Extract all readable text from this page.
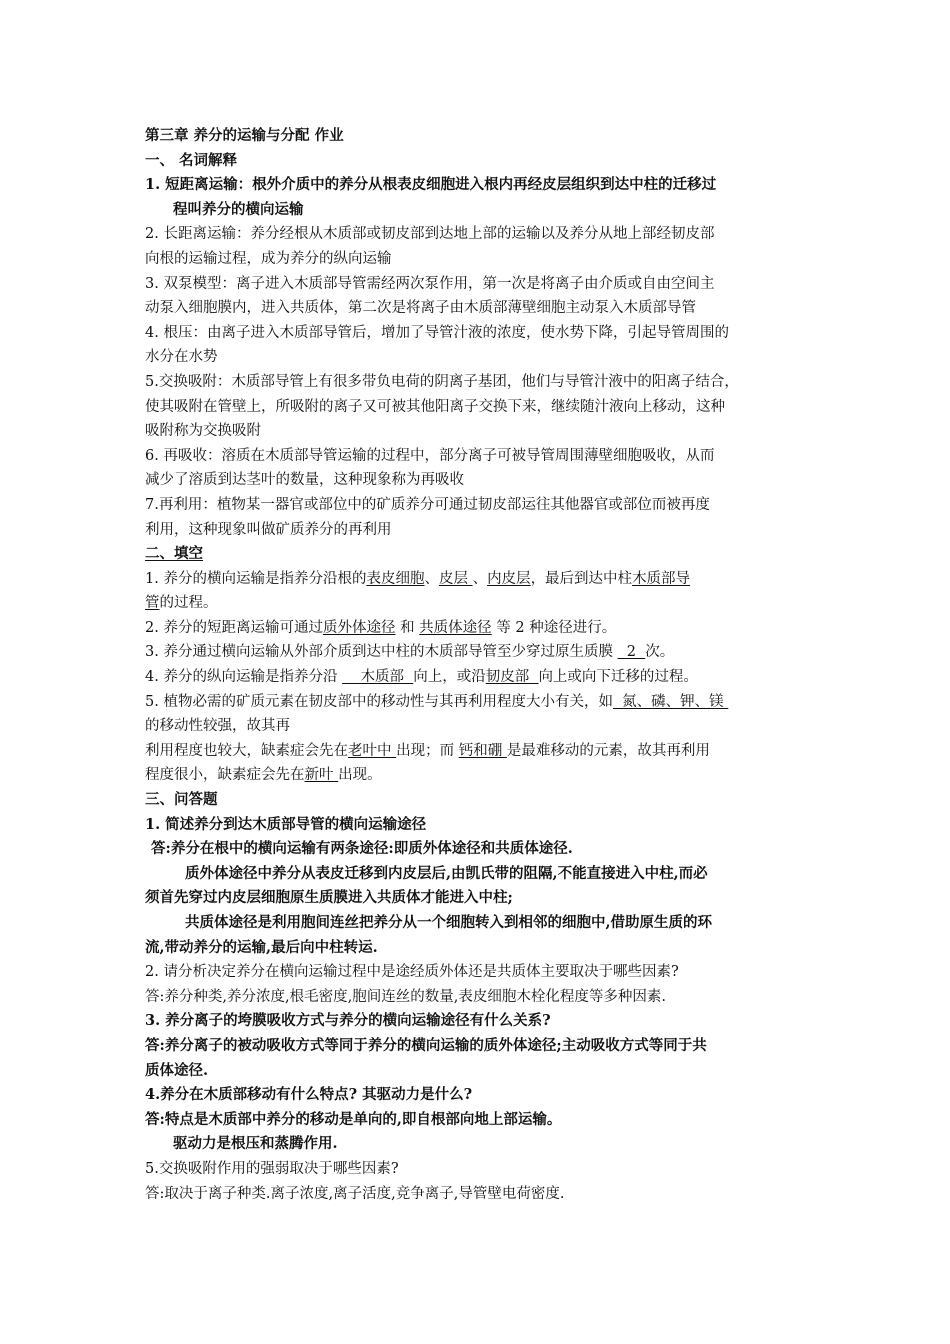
第三章 养分的运输与分配 作业
一、 名词解释
1. 短距离运输：根外介质中的养分从根表皮细胞进入根内再经皮层组织到达中柱的迁移过
程叫养分的横向运输
2. 长距离运输：养分经根从木质部或韧皮部到达地上部的运输以及养分从地上部经韧皮部
向根的运输过程，成为养分的纵向运输
3. 双泵模型：离子进入木质部导管需经两次泵作用，第一次是将离子由介质或自由空间主
动泵入细胞膜内，进入共质体，第二次是将离子由木质部薄壁细胞主动泵入木质部导管
4. 根压：由离子进入木质部导管后，增加了导管汁液的浓度，使水势下降，引起导管周围的
水分在水势
5.交换吸附：木质部导管上有很多带负电荷的阴离子基团，他们与导管汁液中的阳离子结合，
使其吸附在管壁上，所吸附的离子又可被其他阳离子交换下来，继续随汁液向上移动，这种
吸附称为交换吸附
6. 再吸收：溶质在木质部导管运输的过程中，部分离子可被导管周围薄壁细胞吸收，从而
减少了溶质到达茎叶的数量，这种现象称为再吸收
7.再利用：植物某一器官或部位中的矿质养分可通过韧皮部运往其他器官或部位而被再度
利用，这种现象叫做矿质养分的再利用
二、填空
1. 养分的横向运输是指养分沿根的表皮细胞、皮层 、内皮层，最后到达中柱木质部导
管的过程。
2. 养分的短距离运输可通过质外体途径 和 共质体途径 等 2 种途径进行。
3. 养分通过横向运输从外部介质到达中柱的木质部导管至少穿过原生质膜   2  次。
4. 养分的纵向运输是指养分沿     木质部  向上，或沿韧皮部  向上或向下迁移的过程。
5. 植物必需的矿质元素在韧皮部中的移动性与其再利用程度大小有关，如  氮、磷、钾、镁
的移动性较强，故其再
利用程度也较大，缺素症会先在老叶中 出现；而 钙和硼 是最难移动的元素，故其再利用
程度很小，缺素症会先在新叶 出现。
三、问答题
1. 简述养分到达木质部导管的横向运输途径
答:养分在根中的横向运输有两条途径:即质外体途径和共质体途径.
质外体途径中养分从表皮迁移到内皮层后,由凯氏带的阻隔,不能直接进入中柱,而必
须首先穿过内皮层细胞原生质膜进入共质体才能进入中柱;
共质体途径是利用胞间连丝把养分从一个细胞转入到相邻的细胞中,借助原生质的环
流,带动养分的运输,最后向中柱转运.
2. 请分析决定养分在横向运输过程中是途经质外体还是共质体主要取决于哪些因素?
答:养分种类,养分浓度,根毛密度,胞间连丝的数量,表皮细胞木栓化程度等多种因素.
3. 养分离子的垮膜吸收方式与养分的横向运输途径有什么关系?
答:养分离子的被动吸收方式等同于养分的横向运输的质外体途径;主动吸收方式等同于共
质体途径.
4.养分在木质部移动有什么特点? 其驱动力是什么?
答:特点是木质部中养分的移动是单向的,即自根部向地上部运输。
驱动力是根压和蒸腾作用.
5.交换吸附作用的强弱取决于哪些因素?
答:取决于离子种类.离子浓度,离子活度,竞争离子,导管壁电荷密度.
